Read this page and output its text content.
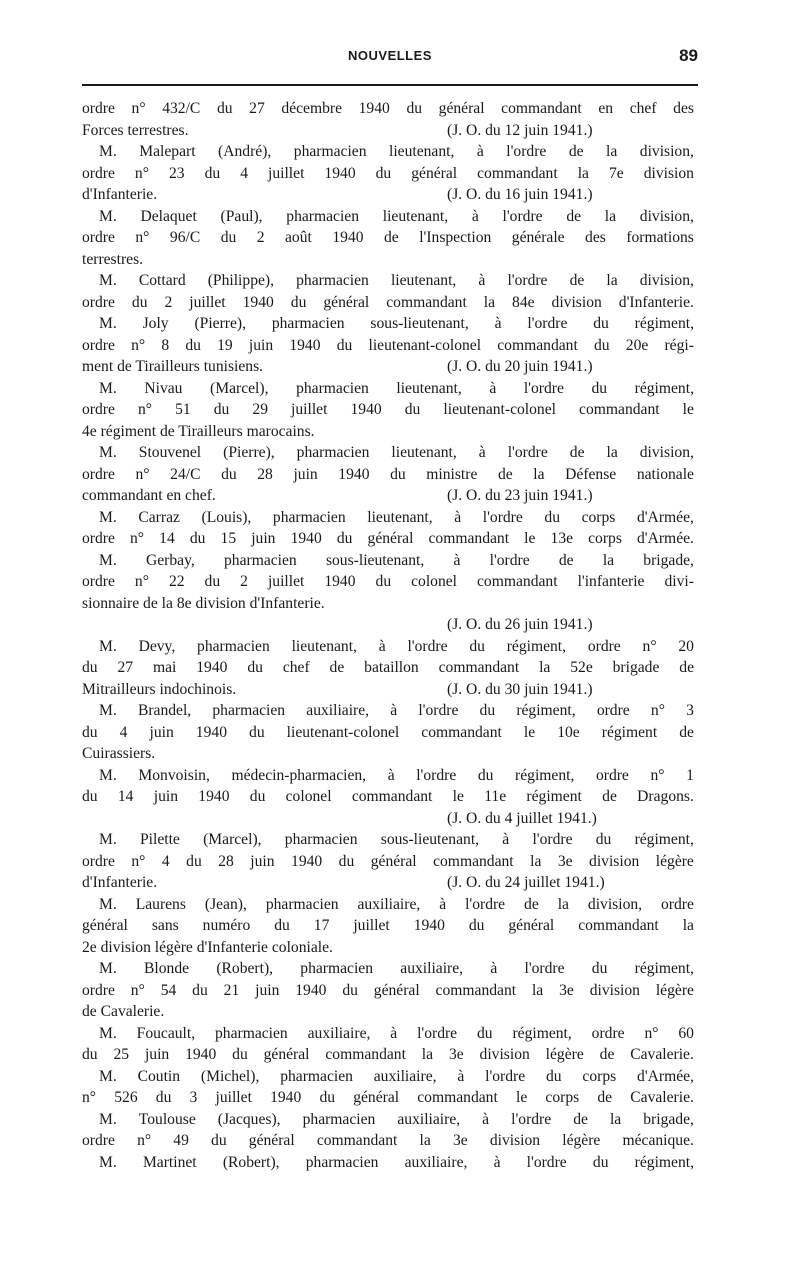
NOUVELLES	89
ordre n° 432/C du 27 décembre 1940 du général commandant en chef des
Forces terrestres.	(J. O. du 12 juin 1941.)
M. Malepart (André), pharmacien lieutenant, à l'ordre de la division,
ordre n° 23 du 4 juillet 1940 du général commandant la 7e division
d'Infanterie.	(J. O. du 16 juin 1941.)
M. Delaquet (Paul), pharmacien lieutenant, à l'ordre de la division,
ordre n° 96/C du 2 août 1940 de l'Inspection générale des formations
terrestres.
M. Cottard (Philippe), pharmacien lieutenant, à l'ordre de la division,
ordre du 2 juillet 1940 du général commandant la 84e division d'Infanterie.
M. Joly (Pierre), pharmacien sous-lieutenant, à l'ordre du régiment,
ordre n° 8 du 19 juin 1940 du lieutenant-colonel commandant du 20e régi-
ment de Tirailleurs tunisiens.	(J. O. du 20 juin 1941.)
M. Nivau (Marcel), pharmacien lieutenant, à l'ordre du régiment,
ordre n° 51 du 29 juillet 1940 du lieutenant-colonel commandant le
4e régiment de Tirailleurs marocains.
M. Stouvenel (Pierre), pharmacien lieutenant, à l'ordre de la division,
ordre n° 24/C du 28 juin 1940 du ministre de la Défense nationale
commandant en chef.	(J. O. du 23 juin 1941.)
M. Carraz (Louis), pharmacien lieutenant, à l'ordre du corps d'Armée,
ordre n° 14 du 15 juin 1940 du général commandant le 13e corps d'Armée.
M. Gerbay, pharmacien sous-lieutenant, à l'ordre de la brigade,
ordre n° 22 du 2 juillet 1940 du colonel commandant l'infanterie divi-
sionnaire de la 8e division d'Infanterie.
(J. O. du 26 juin 1941.)
M. Devy, pharmacien lieutenant, à l'ordre du régiment, ordre n° 20
du 27 mai 1940 du chef de bataillon commandant la 52e brigade de
Mitrailleurs indochinois.	(J. O. du 30 juin 1941.)
M. Brandel, pharmacien auxiliaire, à l'ordre du régiment, ordre n° 3
du 4 juin 1940 du lieutenant-colonel commandant le 10e régiment de
Cuirassiers.
M. Monvoisin, médecin-pharmacien, à l'ordre du régiment, ordre n° 1
du 14 juin 1940 du colonel commandant le 11e régiment de Dragons.
(J. O. du 4 juillet 1941.)
M. Pilette (Marcel), pharmacien sous-lieutenant, à l'ordre du régiment,
ordre n° 4 du 28 juin 1940 du général commandant la 3e division légère
d'Infanterie.	(J. O. du 24 juillet 1941.)
M. Laurens (Jean), pharmacien auxiliaire, à l'ordre de la division, ordre
général sans numéro du 17 juillet 1940 du général commandant la
2e division légère d'Infanterie coloniale.
M. Blonde (Robert), pharmacien auxiliaire, à l'ordre du régiment,
ordre n° 54 du 21 juin 1940 du général commandant la 3e division légère
de Cavalerie.
M. Foucault, pharmacien auxiliaire, à l'ordre du régiment, ordre n° 60
du 25 juin 1940 du général commandant la 3e division légère de Cavalerie.
M. Coutin (Michel), pharmacien auxiliaire, à l'ordre du corps d'Armée,
n° 526 du 3 juillet 1940 du général commandant le corps de Cavalerie.
M. Toulouse (Jacques), pharmacien auxiliaire, à l'ordre de la brigade,
ordre n° 49 du général commandant la 3e division légère mécanique.
M. Martinet (Robert), pharmacien auxiliaire, à l'ordre du régiment,
